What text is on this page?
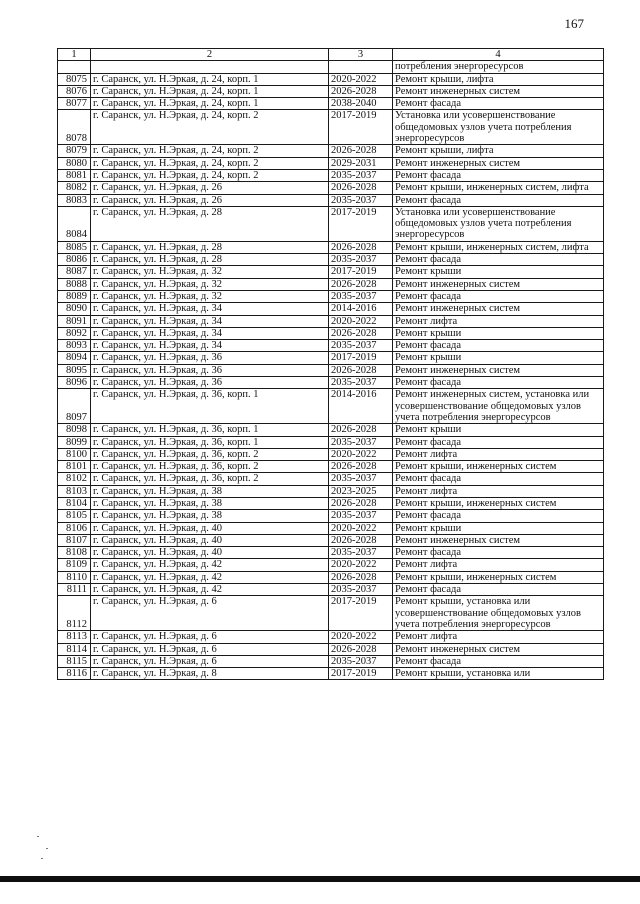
167
1	2	3	4
			потребления энергоресурсов
8075	г. Саранск, ул. Н.Эркая, д. 24, корп. 1	2020-2022	Ремонт крыши, лифта
8076	г. Саранск, ул. Н.Эркая, д. 24, корп. 1	2026-2028	Ремонт инженерных систем
8077	г. Саранск, ул. Н.Эркая, д. 24, корп. 1	2038-2040	Ремонт фасада
8078	г. Саранск, ул. Н.Эркая, д. 24, корп. 2	2017-2019	Установка или усовершенствование общедомовых узлов учета потребления энергоресурсов
8079	г. Саранск, ул. Н.Эркая, д. 24, корп. 2	2026-2028	Ремонт крыши, лифта
8080	г. Саранск, ул. Н.Эркая, д. 24, корп. 2	2029-2031	Ремонт инженерных систем
8081	г. Саранск, ул. Н.Эркая, д. 24, корп. 2	2035-2037	Ремонт фасада
8082	г. Саранск, ул. Н.Эркая, д. 26	2026-2028	Ремонт крыши, инженерных систем, лифта
8083	г. Саранск, ул. Н.Эркая, д. 26	2035-2037	Ремонт фасада
8084	г. Саранск, ул. Н.Эркая, д. 28	2017-2019	Установка или усовершенствование общедомовых узлов учета потребления энергоресурсов
8085	г. Саранск, ул. Н.Эркая, д. 28	2026-2028	Ремонт крыши, инженерных систем, лифта
8086	г. Саранск, ул. Н.Эркая, д. 28	2035-2037	Ремонт фасада
8087	г. Саранск, ул. Н.Эркая, д. 32	2017-2019	Ремонт крыши
8088	г. Саранск, ул. Н.Эркая, д. 32	2026-2028	Ремонт инженерных систем
8089	г. Саранск, ул. Н.Эркая, д. 32	2035-2037	Ремонт фасада
8090	г. Саранск, ул. Н.Эркая, д. 34	2014-2016	Ремонт инженерных систем
8091	г. Саранск, ул. Н.Эркая, д. 34	2020-2022	Ремонт лифта
8092	г. Саранск, ул. Н.Эркая, д. 34	2026-2028	Ремонт крыши
8093	г. Саранск, ул. Н.Эркая, д. 34	2035-2037	Ремонт фасада
8094	г. Саранск, ул. Н.Эркая, д. 36	2017-2019	Ремонт крыши
8095	г. Саранск, ул. Н.Эркая, д. 36	2026-2028	Ремонт инженерных систем
8096	г. Саранск, ул. Н.Эркая, д. 36	2035-2037	Ремонт фасада
8097	г. Саранск, ул. Н.Эркая, д. 36, корп. 1	2014-2016	Ремонт инженерных систем, установка или усовершенствование общедомовых узлов учета потребления энергоресурсов
8098	г. Саранск, ул. Н.Эркая, д. 36, корп. 1	2026-2028	Ремонт крыши
8099	г. Саранск, ул. Н.Эркая, д. 36, корп. 1	2035-2037	Ремонт фасада
8100	г. Саранск, ул. Н.Эркая, д. 36, корп. 2	2020-2022	Ремонт лифта
8101	г. Саранск, ул. Н.Эркая, д. 36, корп. 2	2026-2028	Ремонт крыши, инженерных систем
8102	г. Саранск, ул. Н.Эркая, д. 36, корп. 2	2035-2037	Ремонт фасада
8103	г. Саранск, ул. Н.Эркая, д. 38	2023-2025	Ремонт лифта
8104	г. Саранск, ул. Н.Эркая, д. 38	2026-2028	Ремонт крыши, инженерных систем
8105	г. Саранск, ул. Н.Эркая, д. 38	2035-2037	Ремонт фасада
8106	г. Саранск, ул. Н.Эркая, д. 40	2020-2022	Ремонт крыши
8107	г. Саранск, ул. Н.Эркая, д. 40	2026-2028	Ремонт инженерных систем
8108	г. Саранск, ул. Н.Эркая, д. 40	2035-2037	Ремонт фасада
8109	г. Саранск, ул. Н.Эркая, д. 42	2020-2022	Ремонт лифта
8110	г. Саранск, ул. Н.Эркая, д. 42	2026-2028	Ремонт крыши, инженерных систем
8111	г. Саранск, ул. Н.Эркая, д. 42	2035-2037	Ремонт фасада
8112	г. Саранск, ул. Н.Эркая, д. 6	2017-2019	Ремонт крыши, установка или усовершенствование общедомовых узлов учета потребления энергоресурсов
8113	г. Саранск, ул. Н.Эркая, д. 6	2020-2022	Ремонт лифта
8114	г. Саранск, ул. Н.Эркая, д. 6	2026-2028	Ремонт инженерных систем
8115	г. Саранск, ул. Н.Эркая, д. 6	2035-2037	Ремонт фасада
8116	г. Саранск, ул. Н.Эркая, д. 8	2017-2019	Ремонт крыши, установка или
